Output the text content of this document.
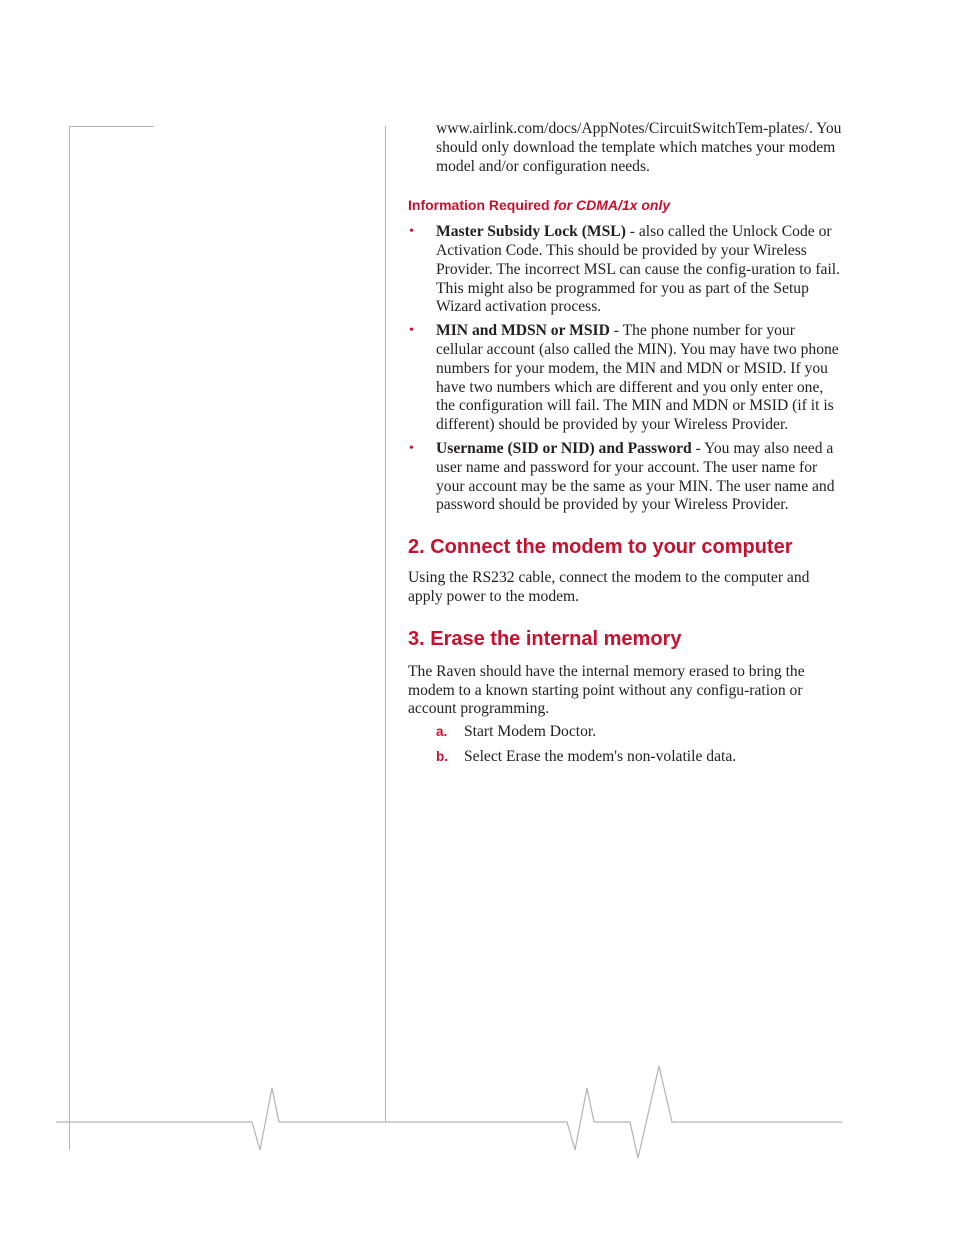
www.airlink.com/docs/AppNotes/CircuitSwitchTem-plates/. You should only download the template which matches your modem model and/or configuration needs.

Information Required for CDMA/1x only
• Master Subsidy Lock (MSL) - also called the Unlock Code or Activation Code. This should be provided by your Wireless Provider. The incorrect MSL can cause the config-uration to fail. This might also be programmed for you as part of the Setup Wizard activation process.
• MIN and MDSN or MSID - The phone number for your cellular account (also called the MIN). You may have two phone numbers for your modem, the MIN and MDN or MSID. If you have two numbers which are different and you only enter one, the configuration will fail. The MIN and MDN or MSID (if it is different) should be provided by your Wireless Provider.
• Username (SID or NID) and Password - You may also need a user name and password for your account. The user name for your account may be the same as your MIN. The user name and password should be provided by your Wireless Provider.
2. Connect the modem to your computer

Using the RS232 cable, connect the modem to the computer and apply power to the modem.

3. Erase the internal memory

The Raven should have the internal memory erased to bring the modem to a known starting point without any configu-ration or account programming.

a. Start Modem Doctor.
b. Select Erase the modem's non-volatile data.
